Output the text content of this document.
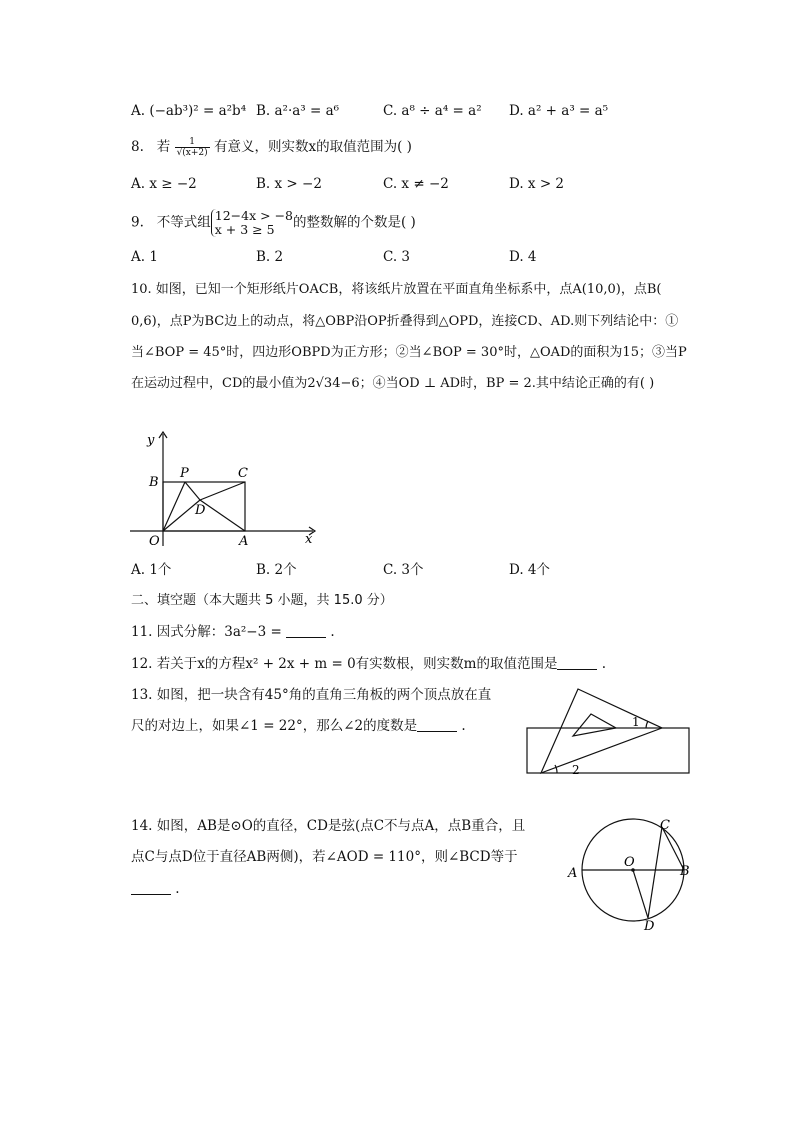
A. (−ab³)² = a²b⁴ B. a²·a³ = a⁶	C. a⁸ ÷ a⁴ = a² D. a² + a³ = a⁵
8. 若 $\frac{1}{√(x+2)}$ 有意义，则实数x的取值范围为( )
A. x ≥ −2	B. x > −2	C. x ≠ −2	D. x > 2
9. 不等式组 12−4x > −8
x + 3 ≥ 5	的整数解的个数是( )
A. 1	B. 2	C. 3	D. 4
10. 如图，已知一个矩形纸片OACB，将该纸片放置在平面直角坐标系中，点A(10,0)，点B(
0,6)，点P为BC边上的动点，将△OBP沿OP折叠得到△OPD，连接CD、AD.则下列结论中：①
当∠BOP = 45°时，四边形OBPD为正方形；②当∠BOP = 30°时，△OAD的面积为15；③当P
在运动过程中，CD的最小值为2√34−6；④当OD ⊥ AD时，BP = 2.其中结论正确的有( )
y
x
B
P	C
D
O	A
A. 1个	B. 2个	C. 3个	D. 4个
二、填空题（本大题共 5 小题，共 15.0 分）
11. 因式分解：3a²−3 =	.
12. 若关于x的方程x² + 2x + m = 0有实数根，则实数m的取值范围是	.
13. 如图，把一块含有45°角的直角三角板的两个顶点放在直
尺的对边上，如果∠1 = 22°，那么∠2的度数是	.	1
2
14. 如图，AB是⊙O的直径，CD是弦(点C不与点A，点B重合，且
点C与点D位于直径AB两侧)，若∠AOD = 110°，则∠BCD等于
.
A	B
C
D
O
